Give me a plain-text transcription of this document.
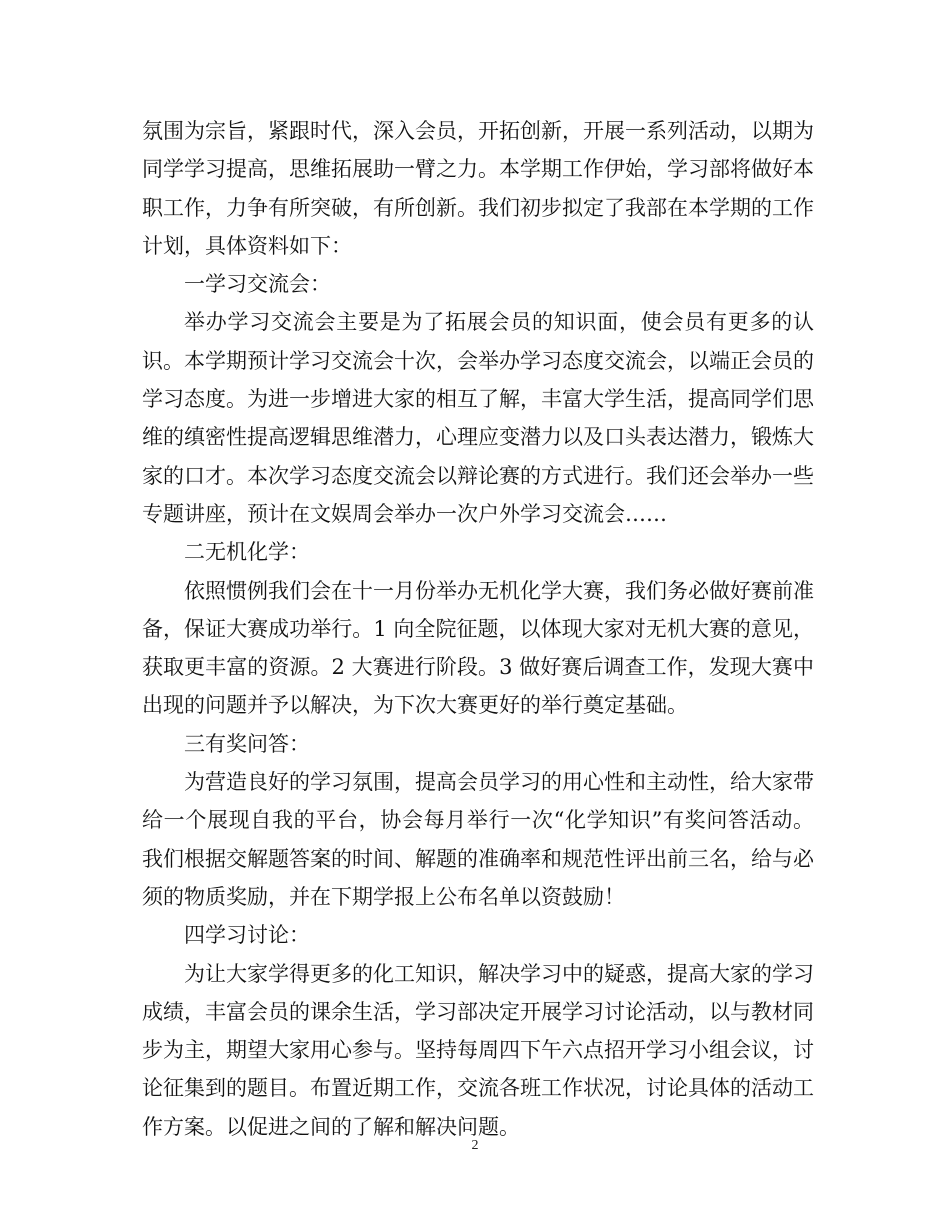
氛围为宗旨，紧跟时代，深入会员，开拓创新，开展一系列活动，以期为同学学习提高，思维拓展助一臂之力。本学期工作伊始，学习部将做好本职工作，力争有所突破，有所创新。我们初步拟定了我部在本学期的工作计划，具体资料如下：

一学习交流会：

举办学习交流会主要是为了拓展会员的知识面，使会员有更多的认识。本学期预计学习交流会十次，会举办学习态度交流会，以端正会员的学习态度。为进一步增进大家的相互了解，丰富大学生活，提高同学们思维的缜密性提高逻辑思维潜力，心理应变潜力以及口头表达潜力，锻炼大家的口才。本次学习态度交流会以辩论赛的方式进行。我们还会举办一些专题讲座，预计在文娱周会举办一次户外学习交流会……

二无机化学：

依照惯例我们会在十一月份举办无机化学大赛，我们务必做好赛前准备，保证大赛成功举行。1 向全院征题，以体现大家对无机大赛的意见，获取更丰富的资源。2 大赛进行阶段。3 做好赛后调查工作，发现大赛中出现的问题并予以解决，为下次大赛更好的举行奠定基础。

三有奖问答：

为营造良好的学习氛围，提高会员学习的用心性和主动性，给大家带给一个展现自我的平台，协会每月举行一次“化学知识”有奖问答活动。我们根据交解题答案的时间、解题的准确率和规范性评出前三名，给与必须的物质奖励，并在下期学报上公布名单以资鼓励！

四学习讨论：

为让大家学得更多的化工知识，解决学习中的疑惑，提高大家的学习成绩，丰富会员的课余生活，学习部决定开展学习讨论活动，以与教材同步为主，期望大家用心参与。坚持每周四下午六点招开学习小组会议，讨论征集到的题目。布置近期工作，交流各班工作状况，讨论具体的活动工作方案。以促进之间的了解和解决问题。

2
